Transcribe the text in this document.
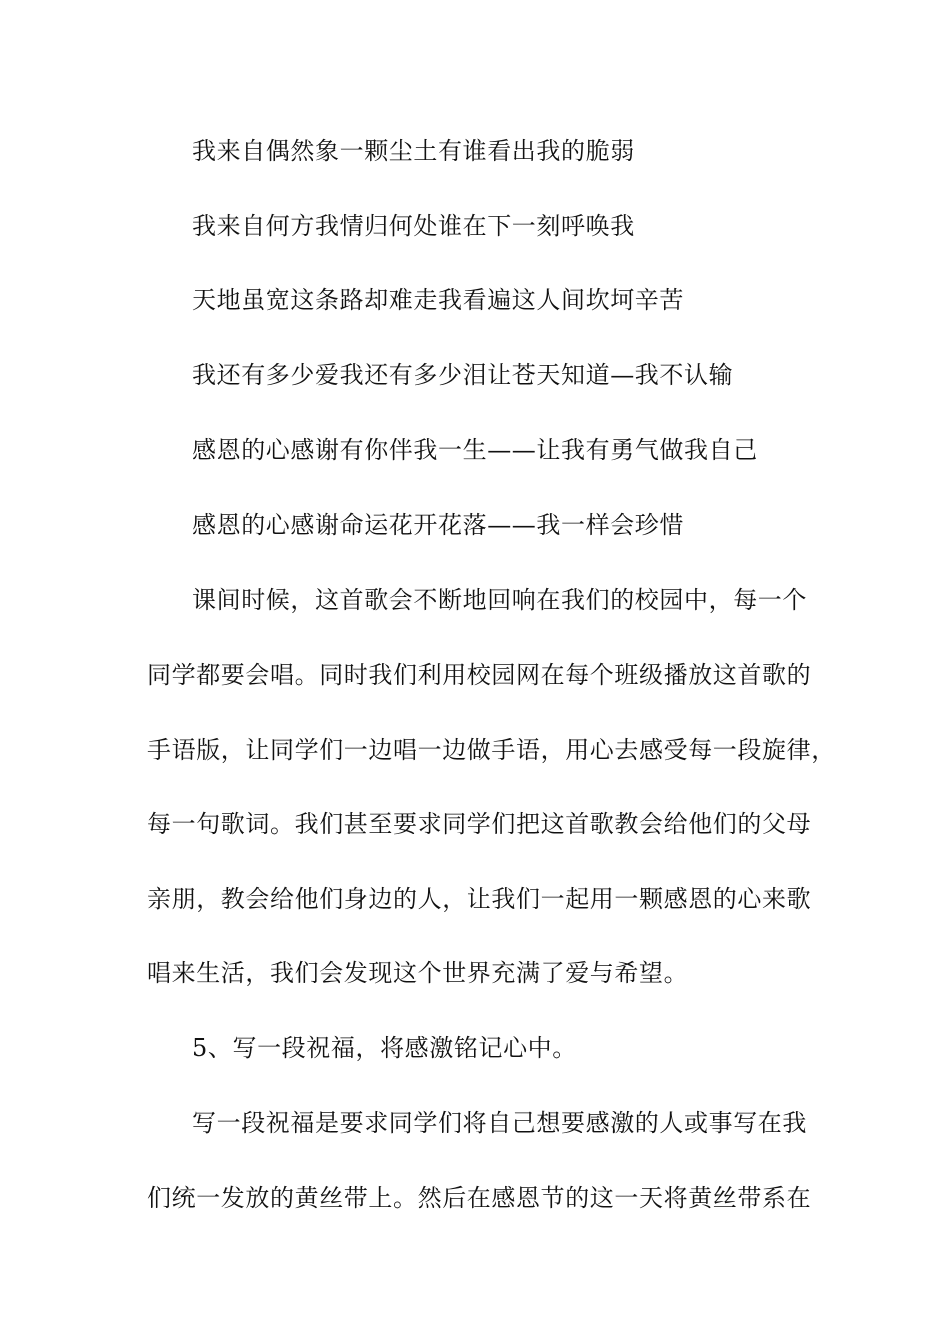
我来自偶然象一颗尘土有谁看出我的脆弱
我来自何方我情归何处谁在下一刻呼唤我
天地虽宽这条路却难走我看遍这人间坎坷辛苦
我还有多少爱我还有多少泪让苍天知道—我不认输
感恩的心感谢有你伴我一生——让我有勇气做我自己
感恩的心感谢命运花开花落——我一样会珍惜
课间时候，这首歌会不断地回响在我们的校园中，每一个
同学都要会唱。同时我们利用校园网在每个班级播放这首歌的
手语版，让同学们一边唱一边做手语，用心去感受每一段旋律，
每一句歌词。我们甚至要求同学们把这首歌教会给他们的父母
亲朋，教会给他们身边的人，让我们一起用一颗感恩的心来歌
唱来生活，我们会发现这个世界充满了爱与希望。
5、写一段祝福，将感激铭记心中。
写一段祝福是要求同学们将自己想要感激的人或事写在我
们统一发放的黄丝带上。然后在感恩节的这一天将黄丝带系在
